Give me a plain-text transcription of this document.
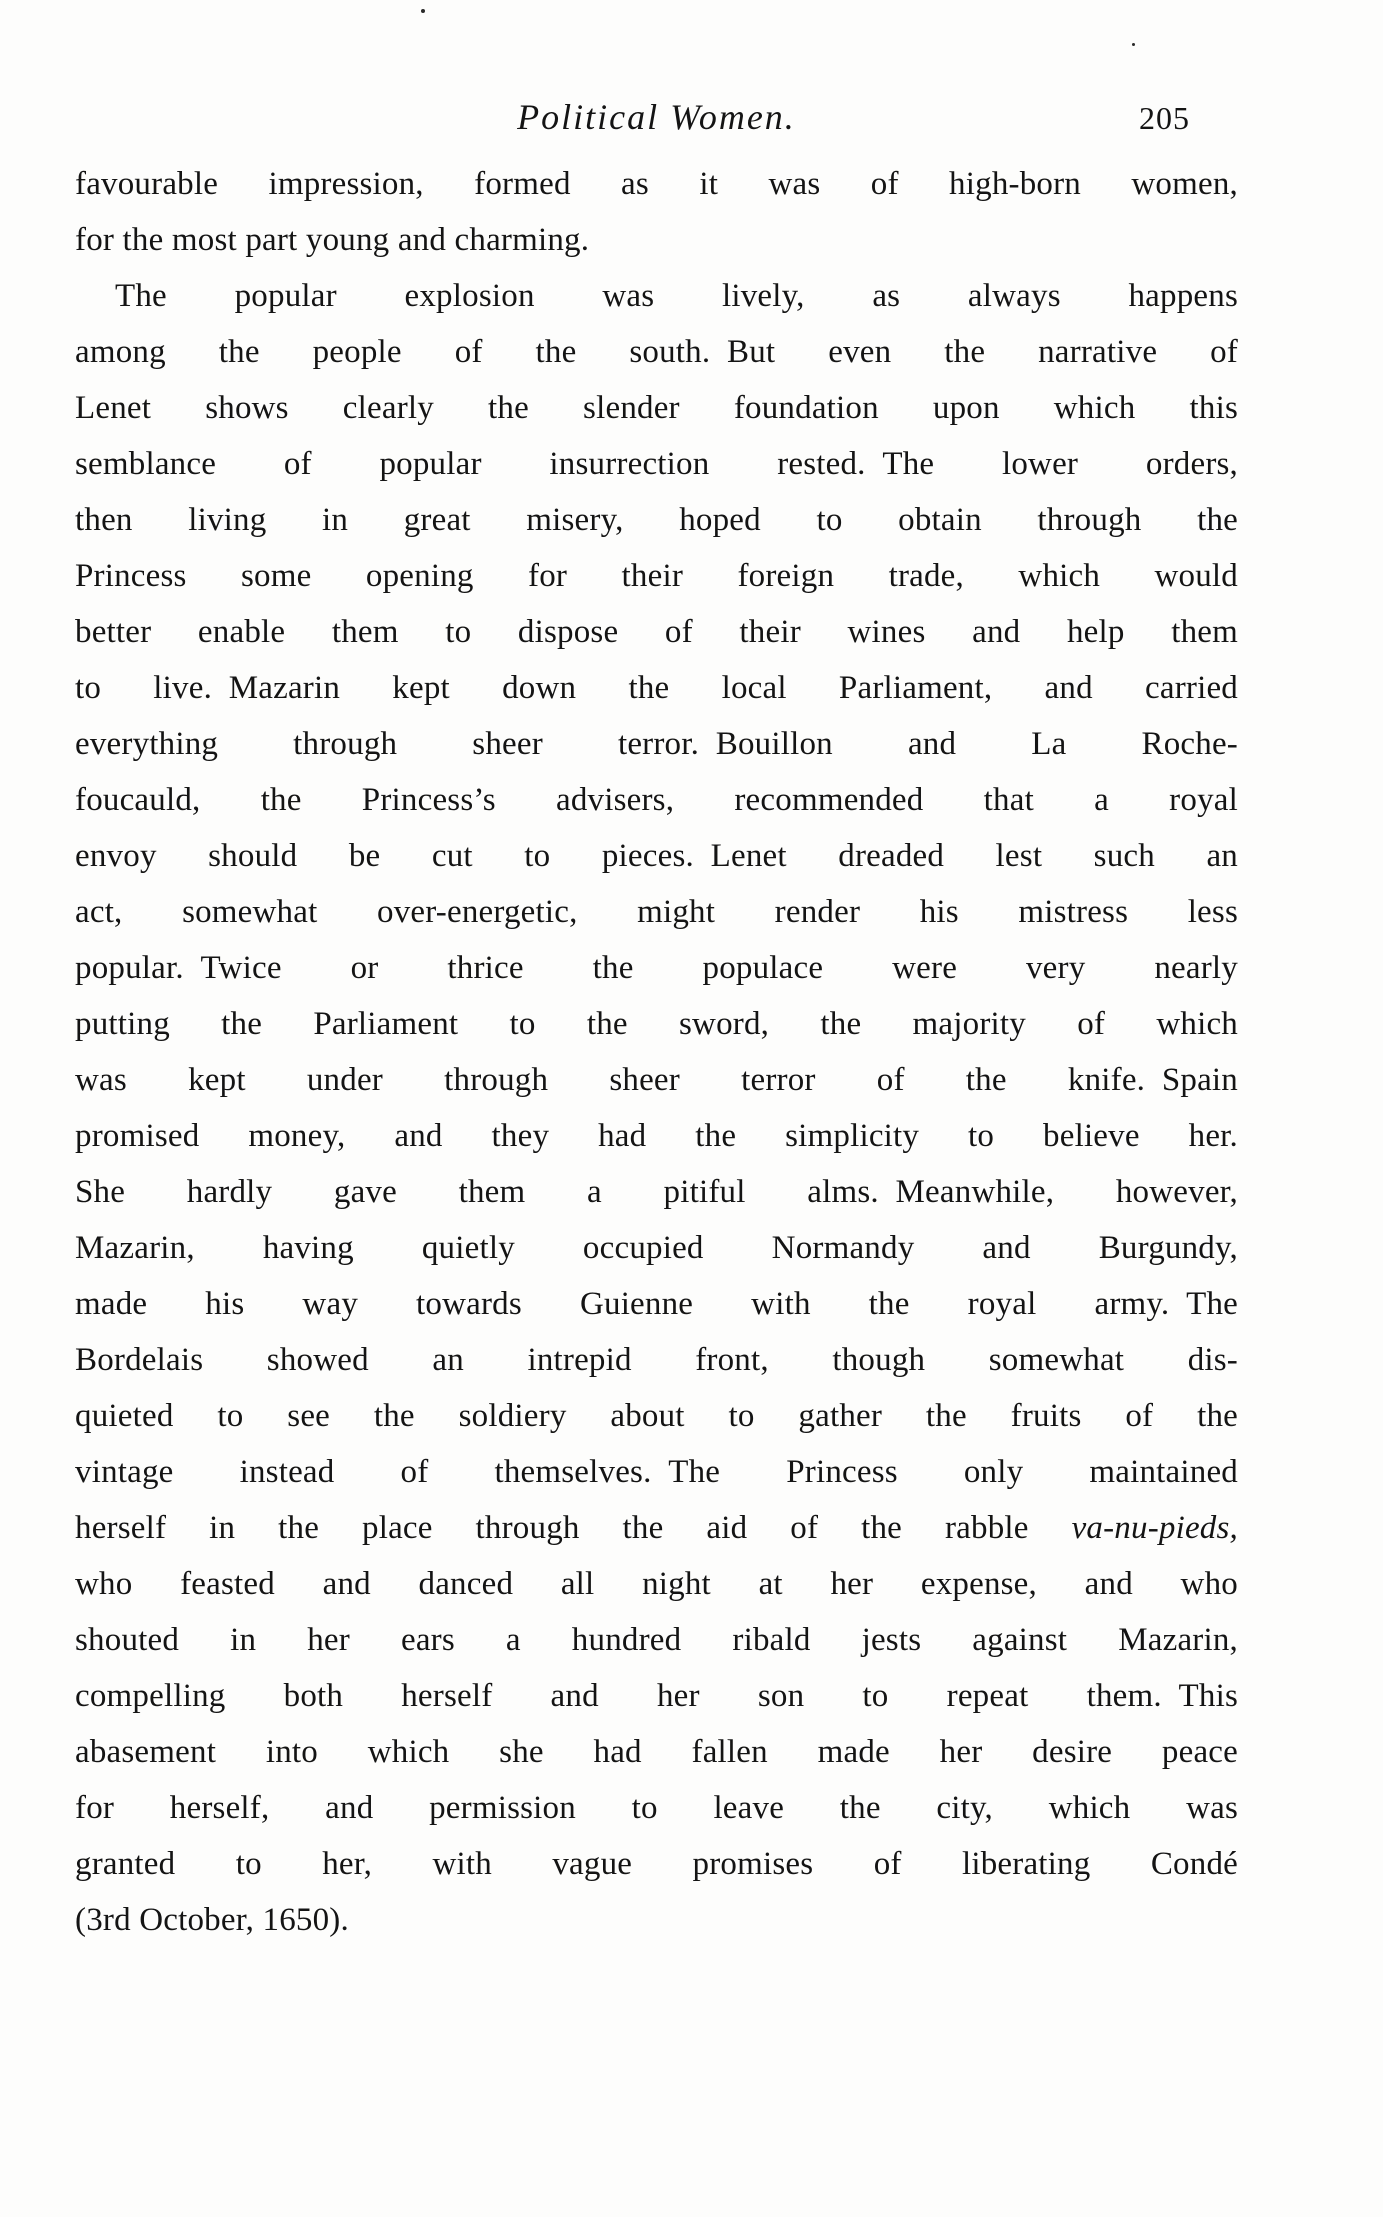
Political Women.	205
favourable impression, formed as it was of high-born women,
for the most part young and charming.
The popular explosion was lively, as always happens
among the people of the south. But even the narrative of
Lenet shows clearly the slender foundation upon which this
semblance of popular insurrection rested. The lower orders,
then living in great misery, hoped to obtain through the
Princess some opening for their foreign trade, which would
better enable them to dispose of their wines and help them
to live. Mazarin kept down the local Parliament, and carried
everything through sheer terror. Bouillon and La Roche-
foucauld, the Princess’s advisers, recommended that a royal
envoy should be cut to pieces. Lenet dreaded lest such an
act, somewhat over-energetic, might render his mistress less
popular. Twice or thrice the populace were very nearly
putting the Parliament to the sword, the majority of which
was kept under through sheer terror of the knife. Spain
promised money, and they had the simplicity to believe her.
She hardly gave them a pitiful alms. Meanwhile, however,
Mazarin, having quietly occupied Normandy and Burgundy,
made his way towards Guienne with the royal army. The
Bordelais showed an intrepid front, though somewhat dis-
quieted to see the soldiery about to gather the fruits of the
vintage instead of themselves. The Princess only maintained
herself in the place through the aid of the rabble va-nu-pieds,
who feasted and danced all night at her expense, and who
shouted in her ears a hundred ribald jests against Mazarin,
compelling both herself and her son to repeat them. This
abasement into which she had fallen made her desire peace
for herself, and permission to leave the city, which was
granted to her, with vague promises of liberating Condé
(3rd October, 1650).
